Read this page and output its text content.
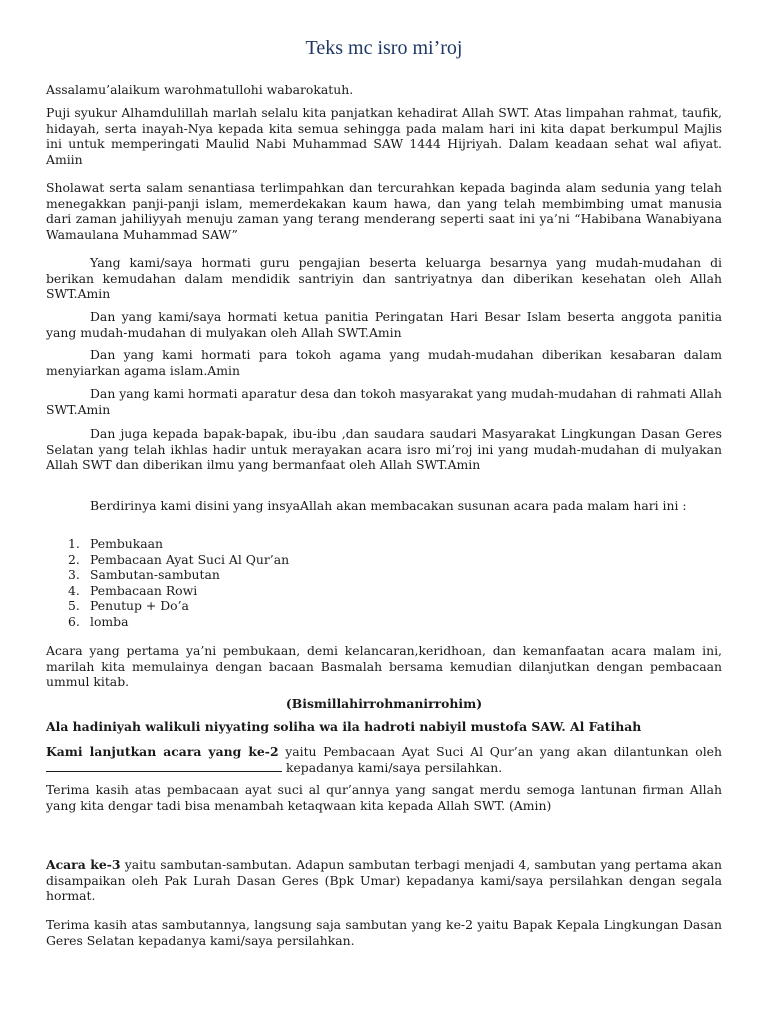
Teks mc isro mi’roj

Assalamu’alaikum warohmatullohi wabarokatuh.

Puji syukur Alhamdulillah marlah selalu kita panjatkan kehadirat Allah SWT. Atas limpahan rahmat, taufik, hidayah, serta inayah-Nya kepada kita semua sehingga pada malam hari ini kita dapat berkumpul Majlis ini untuk memperingati Maulid Nabi Muhammad SAW 1444 Hijriyah. Dalam keadaan sehat wal afiyat. Amiin

Sholawat serta salam senantiasa terlimpahkan dan tercurahkan kepada baginda alam sedunia yang telah menegakkan panji-panji islam, memerdekakan kaum hawa, dan yang telah membimbing umat manusia dari zaman jahiliyyah menuju zaman yang terang menderang seperti saat ini ya’ni “Habibana Wanabiyana Wamaulana Muhammad SAW”

Yang kami/saya hormati guru pengajian beserta keluarga besarnya yang mudah-mudahan di berikan kemudahan dalam mendidik santriyin dan santriyatnya dan diberikan kesehatan oleh Allah SWT.Amin

Dan yang kami/saya hormati ketua panitia Peringatan Hari Besar Islam beserta anggota panitia yang mudah-mudahan di mulyakan oleh Allah SWT.Amin

Dan yang kami hormati para tokoh agama yang mudah-mudahan diberikan kesabaran dalam menyiarkan agama islam.Amin

Dan yang kami hormati aparatur desa dan tokoh masyarakat yang mudah-mudahan di rahmati Allah SWT.Amin

Dan juga kepada bapak-bapak, ibu-ibu ,dan saudara saudari Masyarakat Lingkungan Dasan Geres Selatan yang telah ikhlas hadir untuk merayakan acara isro mi’roj ini yang mudah-mudahan di mulyakan Allah SWT dan diberikan ilmu yang bermanfaat oleh Allah SWT.Amin

Berdirinya kami disini yang insyaAllah akan membacakan susunan acara pada malam hari ini :

1. Pembukaan
2. Pembacaan Ayat Suci Al Qur’an
3. Sambutan-sambutan
4. Pembacaan Rowi
5. Penutup + Do’a
6. lomba

Acara yang pertama ya’ni pembukaan, demi kelancaran,keridhoan, dan kemanfaatan acara malam ini, marilah kita memulainya dengan bacaan Basmalah bersama kemudian dilanjutkan dengan pembacaan ummul kitab.

(Bismillahirrohmanirrohim)

Ala hadiniyah walikuli niyyating soliha wa ila hadroti nabiyil mustofa SAW. Al Fatihah

Kami lanjutkan acara yang ke-2 yaitu Pembacaan Ayat Suci Al Qur’an yang akan dilantunkan oleh  kepadanya kami/saya persilahkan.

Terima kasih atas pembacaan ayat suci al qur’annya yang sangat merdu semoga lantunan firman Allah yang kita dengar tadi bisa menambah ketaqwaan kita kepada Allah SWT. (Amin)

Acara ke-3 yaitu sambutan-sambutan. Adapun sambutan terbagi menjadi 4, sambutan yang pertama akan disampaikan oleh Pak Lurah Dasan Geres (Bpk Umar) kepadanya kami/saya persilahkan dengan segala hormat.

Terima kasih atas sambutannya, langsung saja sambutan yang ke-2 yaitu Bapak Kepala Lingkungan Dasan Geres Selatan kepadanya kami/saya persilahkan.
